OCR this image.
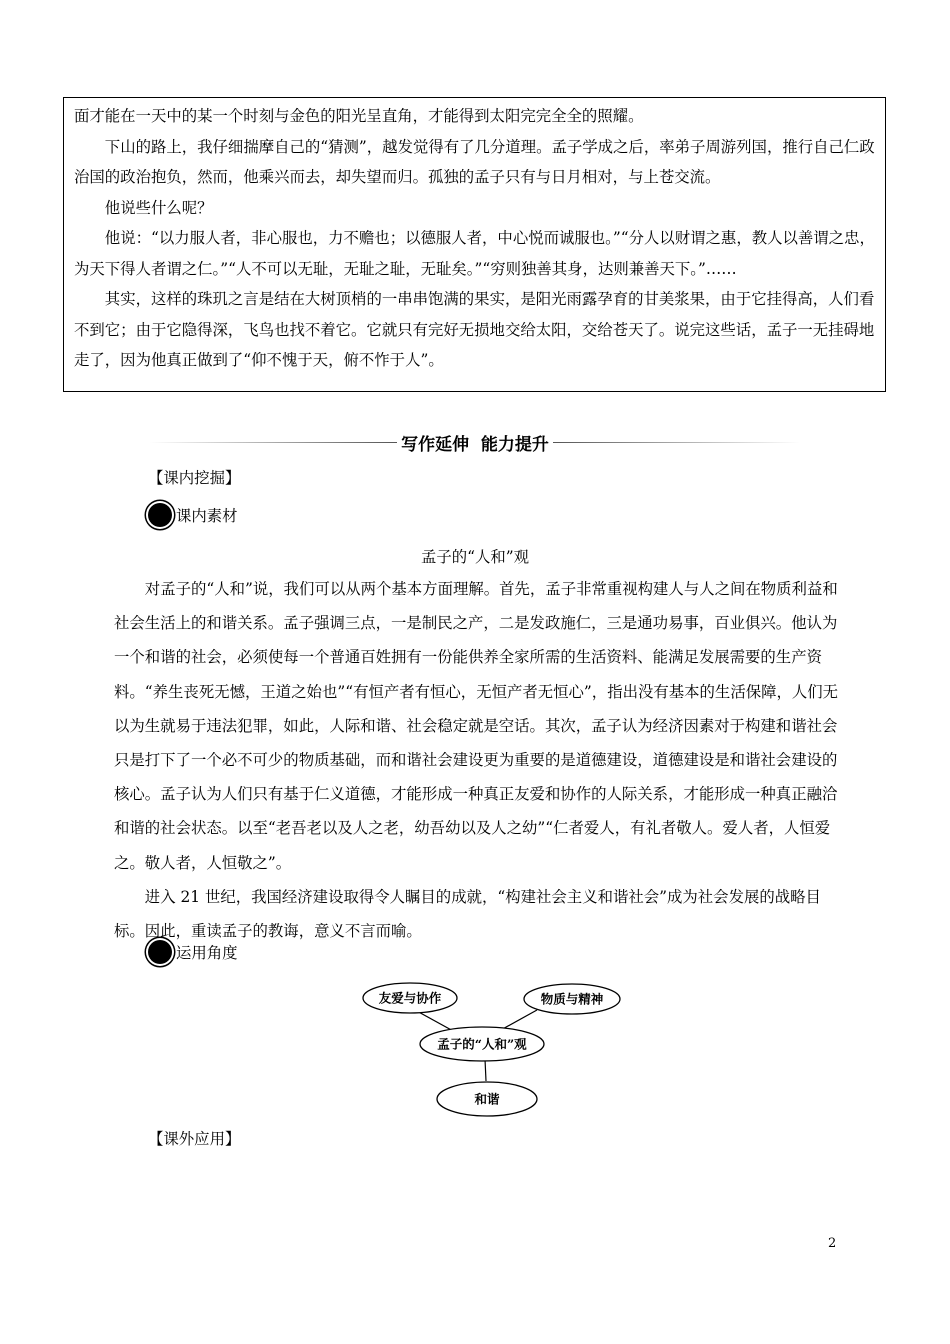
面才能在一天中的某一个时刻与金色的阳光呈直角，才能得到太阳完完全全的照耀。

下山的路上，我仔细揣摩自己的“猜测”，越发觉得有了几分道理。孟子学成之后，率弟子周游列国，推行自己仁政治国的政治抱负，然而，他乘兴而去，却失望而归。孤独的孟子只有与日月相对，与上苍交流。

他说些什么呢？

他说：“以力服人者，非心服也，力不赡也；以德服人者，中心悦而诚服也。”“分人以财谓之惠，教人以善谓之忠，为天下得人者谓之仁。”“人不可以无耻，无耻之耻，无耻矣。”“穷则独善其身，达则兼善天下。”……

其实，这样的珠玑之言是结在大树顶梢的一串串饱满的果实，是阳光雨露孕育的甘美浆果，由于它挂得高，人们看不到它；由于它隐得深，飞鸟也找不着它。它就只有完好无损地交给太阳，交给苍天了。说完这些话，孟子一无挂碍地走了，因为他真正做到了“仰不愧于天，俯不怍于人”。

写作延伸  能力提升
【课内挖掘】
课内素材
孟子的“人和”观

对孟子的“人和”说，我们可以从两个基本方面理解。首先，孟子非常重视构建人与人之间在物质利益和社会生活上的和谐关系。孟子强调三点，一是制民之产，二是发政施仁，三是通功易事，百业俱兴。他认为一个和谐的社会，必须使每一个普通百姓拥有一份能供养全家所需的生活资料、能满足发展需要的生产资料。“养生丧死无憾，王道之始也”“有恒产者有恒心，无恒产者无恒心”，指出没有基本的生活保障，人们无以为生就易于违法犯罪，如此，人际和谐、社会稳定就是空话。其次，孟子认为经济因素对于构建和谐社会只是打下了一个必不可少的物质基础，而和谐社会建设更为重要的是道德建设，道德建设是和谐社会建设的核心。孟子认为人们只有基于仁义道德，才能形成一种真正友爱和协作的人际关系，才能形成一种真正融洽和谐的社会状态。以至“老吾老以及人之老，幼吾幼以及人之幼”“仁者爱人，有礼者敬人。爱人者，人恒爱之。敬人者，人恒敬之”。

进入 21 世纪，我国经济建设取得令人瞩目的成就，“构建社会主义和谐社会”成为社会发展的战略目标。因此，重读孟子的教诲，意义不言而喻。

运用角度
友爱与协作	物质与精神
孟子的“人和”观
和谐
【课外应用】
2
